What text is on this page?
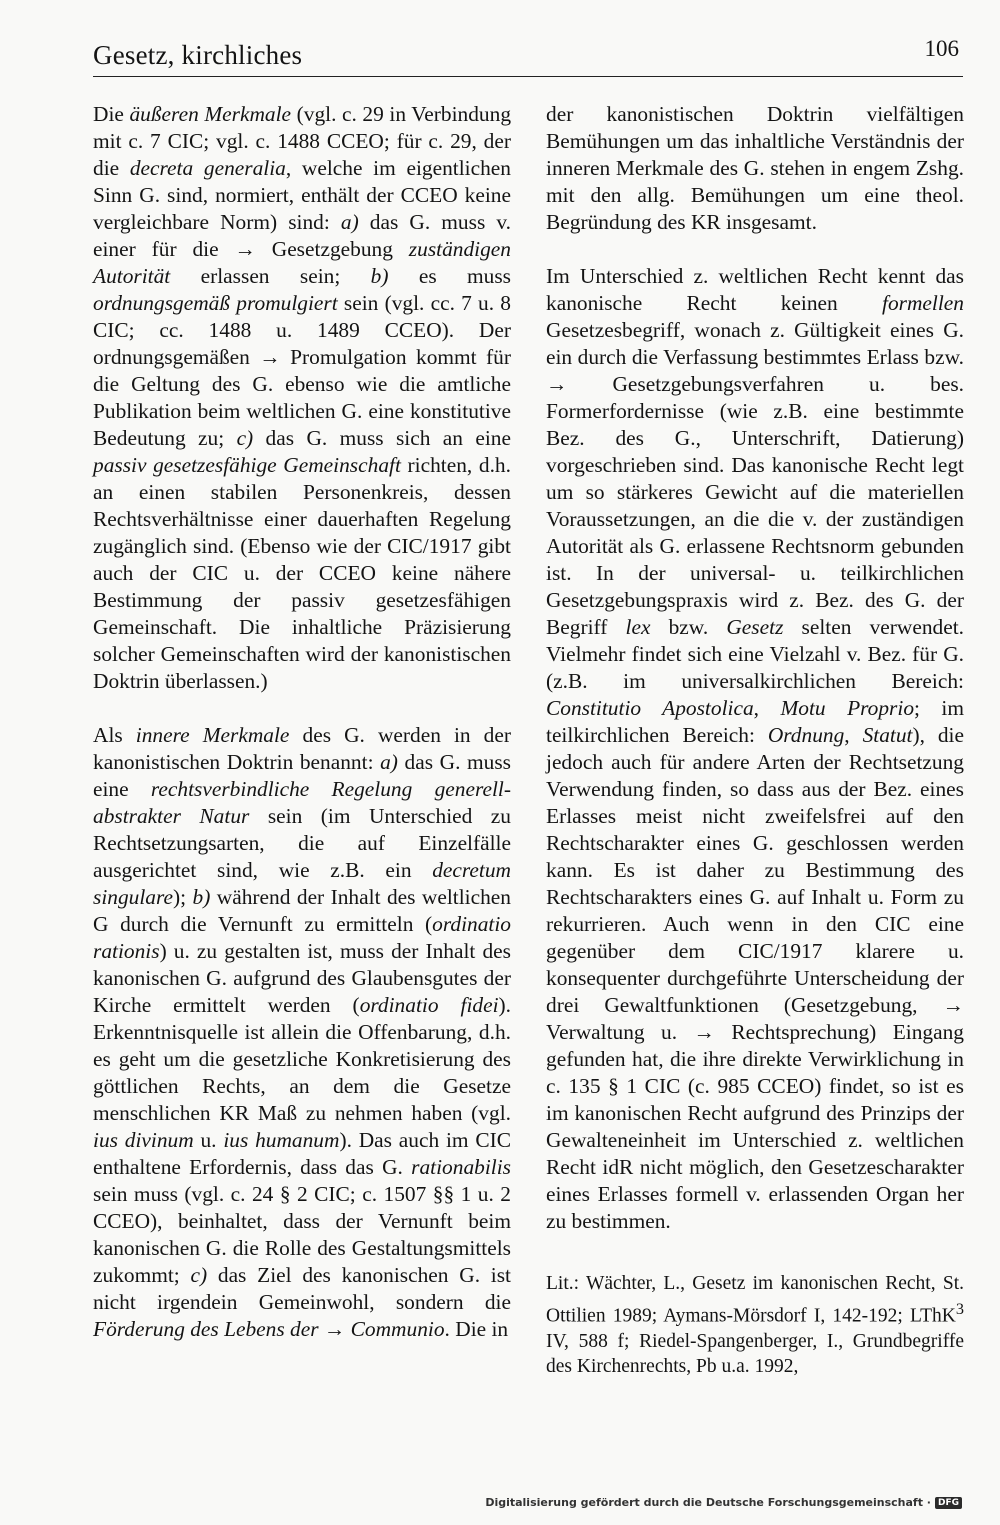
Gesetz, kirchliches	106

Die äußeren Merkmale (vgl. c. 29 in Verbindung mit c. 7 CIC; vgl. c. 1488 CCEO; für c. 29, der die decreta generalia, welche im eigentlichen Sinn G. sind, normiert, enthält der CCEO keine vergleichbare Norm) sind: a) das G. muss v. einer für die → Gesetzgebung zuständigen Autorität erlassen sein; b) es muss ordnungsgemäß promulgiert sein (vgl. cc. 7 u. 8 CIC; cc. 1488 u. 1489 CCEO). Der ordnungsgemäßen → Promulgation kommt für die Geltung des G. ebenso wie die amtliche Publikation beim weltlichen G. eine konstitutive Bedeutung zu; c) das G. muss sich an eine passiv gesetzesfähige Gemeinschaft richten, d.h. an einen stabilen Personenkreis, dessen Rechtsverhältnisse einer dauerhaften Regelung zugänglich sind. (Ebenso wie der CIC/1917 gibt auch der CIC u. der CCEO keine nähere Bestimmung der passiv gesetzesfähigen Gemeinschaft. Die inhaltliche Präzisierung solcher Gemeinschaften wird der kanonistischen Doktrin überlassen.)

Als innere Merkmale des G. werden in der kanonistischen Doktrin benannt: a) das G. muss eine rechtsverbindliche Regelung generell-abstrakter Natur sein (im Unterschied zu Rechtsetzungsarten, die auf Einzelfälle ausgerichtet sind, wie z.B. ein decretum singulare); b) während der Inhalt des weltlichen G durch die Vernunft zu ermitteln (ordinatio rationis) u. zu gestalten ist, muss der Inhalt des kanonischen G. aufgrund des Glaubensgutes der Kirche ermittelt werden (ordinatio fidei). Erkenntnisquelle ist allein die Offenbarung, d.h. es geht um die gesetzliche Konkretisierung des göttlichen Rechts, an dem die Gesetze menschlichen KR Maß zu nehmen haben (vgl. ius divinum u. ius humanum). Das auch im CIC enthaltene Erfordernis, dass das G. rationabilis sein muss (vgl. c. 24 § 2 CIC; c. 1507 §§ 1 u. 2 CCEO), beinhaltet, dass der Vernunft beim kanonischen G. die Rolle des Gestaltungsmittels zukommt; c) das Ziel des kanonischen G. ist nicht irgendein Gemeinwohl, sondern die Förderung des Lebens der → Communio. Die in

der kanonistischen Doktrin vielfältigen Bemühungen um das inhaltliche Verständnis der inneren Merkmale des G. stehen in engem Zshg. mit den allg. Bemühungen um eine theol. Begründung des KR insgesamt.

Im Unterschied z. weltlichen Recht kennt das kanonische Recht keinen formellen Gesetzesbegriff, wonach z. Gültigkeit eines G. ein durch die Verfassung bestimmtes Erlass bzw. → Gesetzgebungsverfahren u. bes. Formerfordernisse (wie z.B. eine bestimmte Bez. des G., Unterschrift, Datierung) vorgeschrieben sind. Das kanonische Recht legt um so stärkeres Gewicht auf die materiellen Voraussetzungen, an die die v. der zuständigen Autorität als G. erlassene Rechtsnorm gebunden ist. In der universal- u. teilkirchlichen Gesetzgebungspraxis wird z. Bez. des G. der Begriff lex bzw. Gesetz selten verwendet. Vielmehr findet sich eine Vielzahl v. Bez. für G. (z.B. im universalkirchlichen Bereich: Constitutio Apostolica, Motu Proprio; im teilkirchlichen Bereich: Ordnung, Statut), die jedoch auch für andere Arten der Rechtsetzung Verwendung finden, so dass aus der Bez. eines Erlasses meist nicht zweifelsfrei auf den Rechtscharakter eines G. geschlossen werden kann. Es ist daher zu Bestimmung des Rechtscharakters eines G. auf Inhalt u. Form zu rekurrieren. Auch wenn in den CIC eine gegenüber dem CIC/1917 klarere u. konsequenter durchgeführte Unterscheidung der drei Gewaltfunktionen (Gesetzgebung, → Verwaltung u. → Rechtsprechung) Eingang gefunden hat, die ihre direkte Verwirklichung in c. 135 § 1 CIC (c. 985 CCEO) findet, so ist es im kanonischen Recht aufgrund des Prinzips der Gewalteneinheit im Unterschied z. weltlichen Recht idR nicht möglich, den Gesetzescharakter eines Erlasses formell v. erlassenden Organ her zu bestimmen.

Lit.: Wächter, L., Gesetz im kanonischen Recht, St. Ottilien 1989; Aymans-Mörsdorf I, 142-192; LThK$^3$ IV, 588 f; Riedel-Spangenberger, I., Grundbegriffe des Kirchenrechts, Pb u.a. 1992,

Digitalisierung gefördert durch die Deutsche Forschungsgemeinschaft · DFG
